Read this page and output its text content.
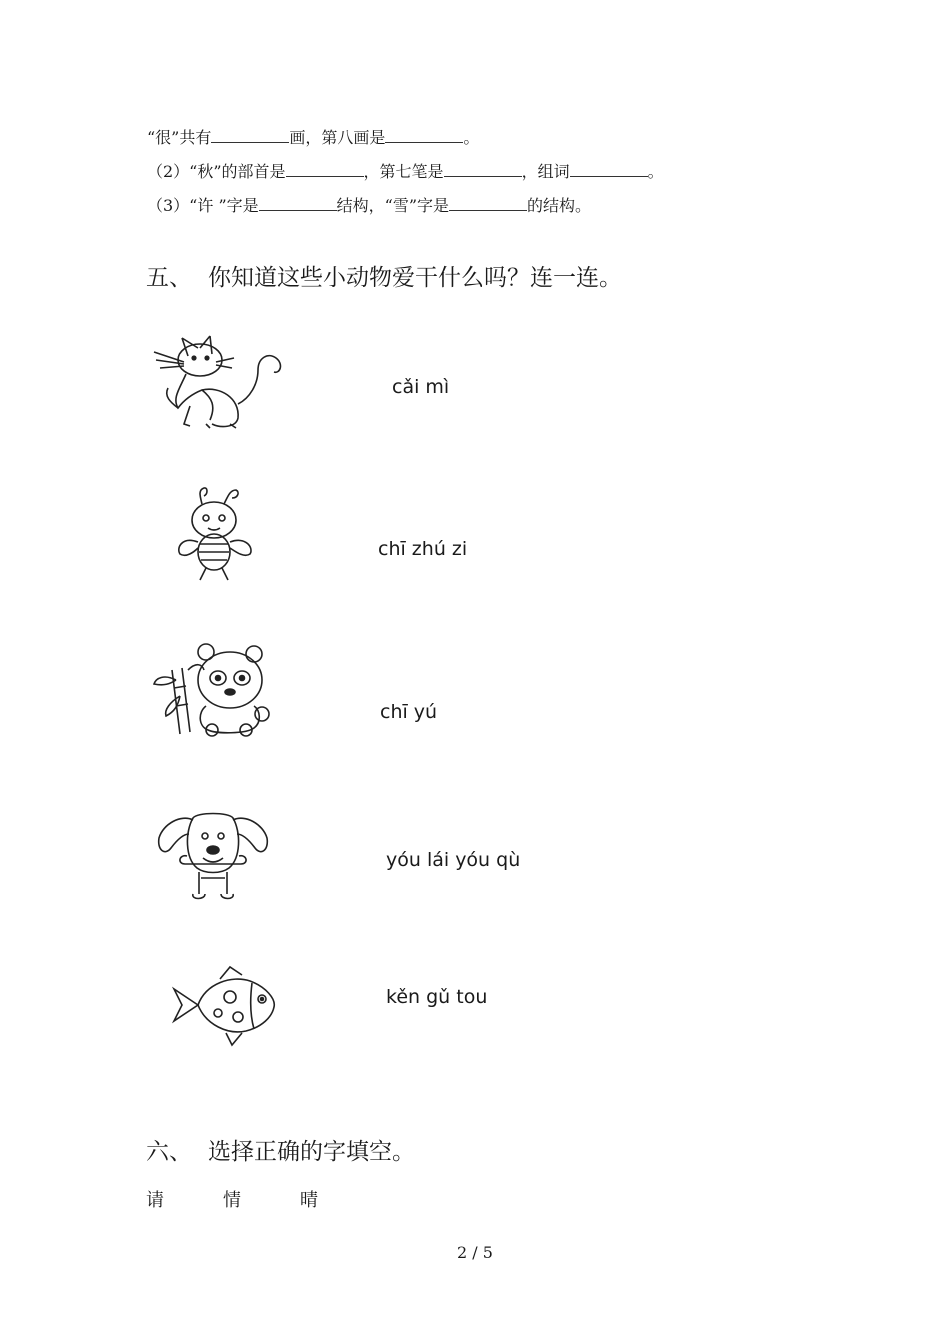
“很”共有	画，第八画是	。
（2）“秋”的部首是	，第七笔是	，组词	。
（3）“许 ”字是	结构，“雪”字是	的结构。
五、 你知道这些小动物爱干什么吗？连一连。
cǎi mì
chī zhú zi
chī yú
yóu lái yóu qù
kěn gǔ tou
六、 选择正确的字填空。
请	情	晴
2 / 5
